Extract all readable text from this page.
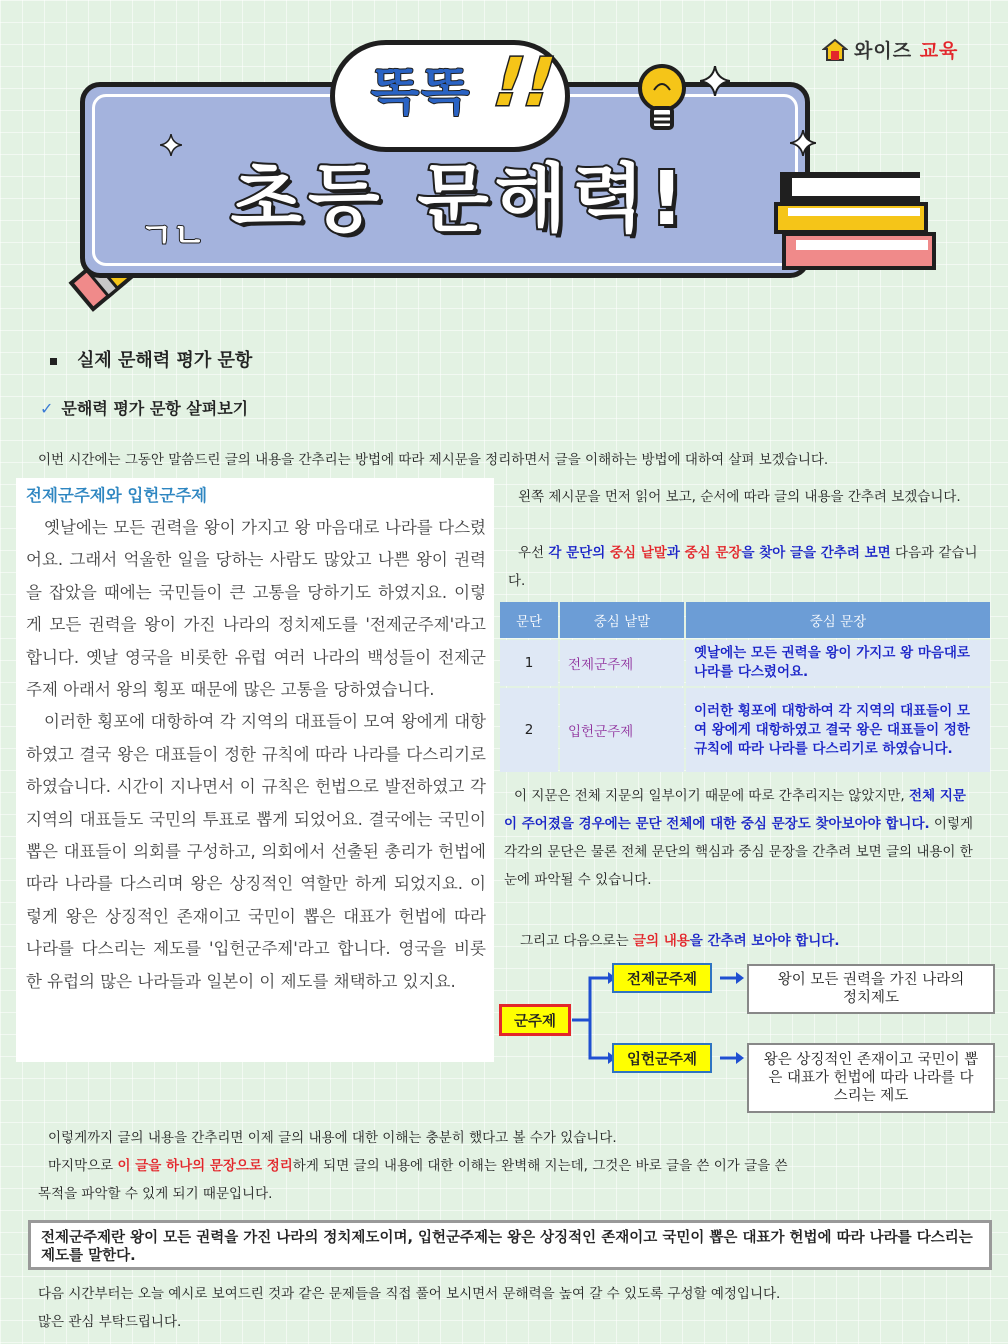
와이즈 교육
똑똑 !!
초등 문해력!
ㄱㄴ
실제 문해력 평가 문항
✓ 문해력 평가 문항 살펴보기
이번 시간에는 그동안 말씀드린 글의 내용을 간추리는 방법에 따라 제시문을 정리하면서 글을 이해하는 방법에 대하여 살펴 보겠습니다.
전제군주제와 입헌군주제

옛날에는 모든 권력을 왕이 가지고 왕 마음대로 나라를 다스렸어요. 그래서 억울한 일을 당하는 사람도 많았고 나쁜 왕이 권력을 잡았을 때에는 국민들이 큰 고통을 당하기도 하였지요. 이렇게 모든 권력을 왕이 가진 나라의 정치제도를 '전제군주제'라고 합니다. 옛날 영국을 비롯한 유럽 여러 나라의 백성들이 전제군주제 아래서 왕의 횡포 때문에 많은 고통을 당하였습니다.

이러한 횡포에 대항하여 각 지역의 대표들이 모여 왕에게 대항하였고 결국 왕은 대표들이 정한 규칙에 따라 나라를 다스리기로 하였습니다. 시간이 지나면서 이 규칙은 헌법으로 발전하였고 각 지역의 대표들도 국민의 투표로 뽑게 되었어요. 결국에는 국민이 뽑은 대표들이 의회를 구성하고, 의회에서 선출된 총리가 헌법에 따라 나라를 다스리며 왕은 상징적인 역할만 하게 되었지요. 이렇게 왕은 상징적인 존재이고 국민이 뽑은 대표가 헌법에 따라 나라를 다스리는 제도를 '입헌군주제'라고 합니다. 영국을 비롯한 유럽의 많은 나라들과 일본이 이 제도를 채택하고 있지요.

왼쪽 제시문을 먼저 읽어 보고, 순서에 따라 글의 내용을 간추려 보겠습니다.
우선 각 문단의 중심 낱말과 중심 문장을 찾아 글을 간추려 보면 다음과 같습니다.
문단	중심 낱말	중심 문장
1	전제군주제	옛날에는 모든 권력을 왕이 가지고 왕 마음대로 나라를 다스렸어요.
2	입헌군주제	이러한 횡포에 대항하여 각 지역의 대표들이 모여 왕에게 대항하였고 결국 왕은 대표들이 정한 규칙에 따라 나라를 다스리기로 하였습니다.
이 지문은 전체 지문의 일부이기 때문에 따로 간추리지는 않았지만, 전체 지문이 주어졌을 경우에는 문단 전체에 대한 중심 문장도 찾아보아야 합니다. 이렇게 각각의 문단은 물론 전체 문단의 핵심과 중심 문장을 간추려 보면 글의 내용이 한 눈에 파악될 수 있습니다.
그리고 다음으로는 글의 내용을 간추려 보아야 합니다.
군주제
전제군주제
입헌군주제
왕이 모든 권력을 가진 나라의 정치제도
왕은 상징적인 존재이고 국민이 뽑은 대표가 헌법에 따라 나라를 다스리는 제도
이렇게까지 글의 내용을 간추리면 이제 글의 내용에 대한 이해는 충분히 했다고 볼 수가 있습니다.
마지막으로 이 글을 하나의 문장으로 정리하게 되면 글의 내용에 대한 이해는 완벽해 지는데, 그것은 바로 글을 쓴 이가 글을 쓴
목적을 파악할 수 있게 되기 때문입니다.
전제군주제란 왕이 모든 권력을 가진 나라의 정치제도이며, 입헌군주제는 왕은 상징적인 존재이고 국민이 뽑은 대표가 헌법에 따라 나라를 다스리는 제도를 말한다.
다음 시간부터는 오늘 예시로 보여드린 것과 같은 문제들을 직접 풀어 보시면서 문해력을 높여 갈 수 있도록 구성할 예정입니다.
많은 관심 부탁드립니다.
